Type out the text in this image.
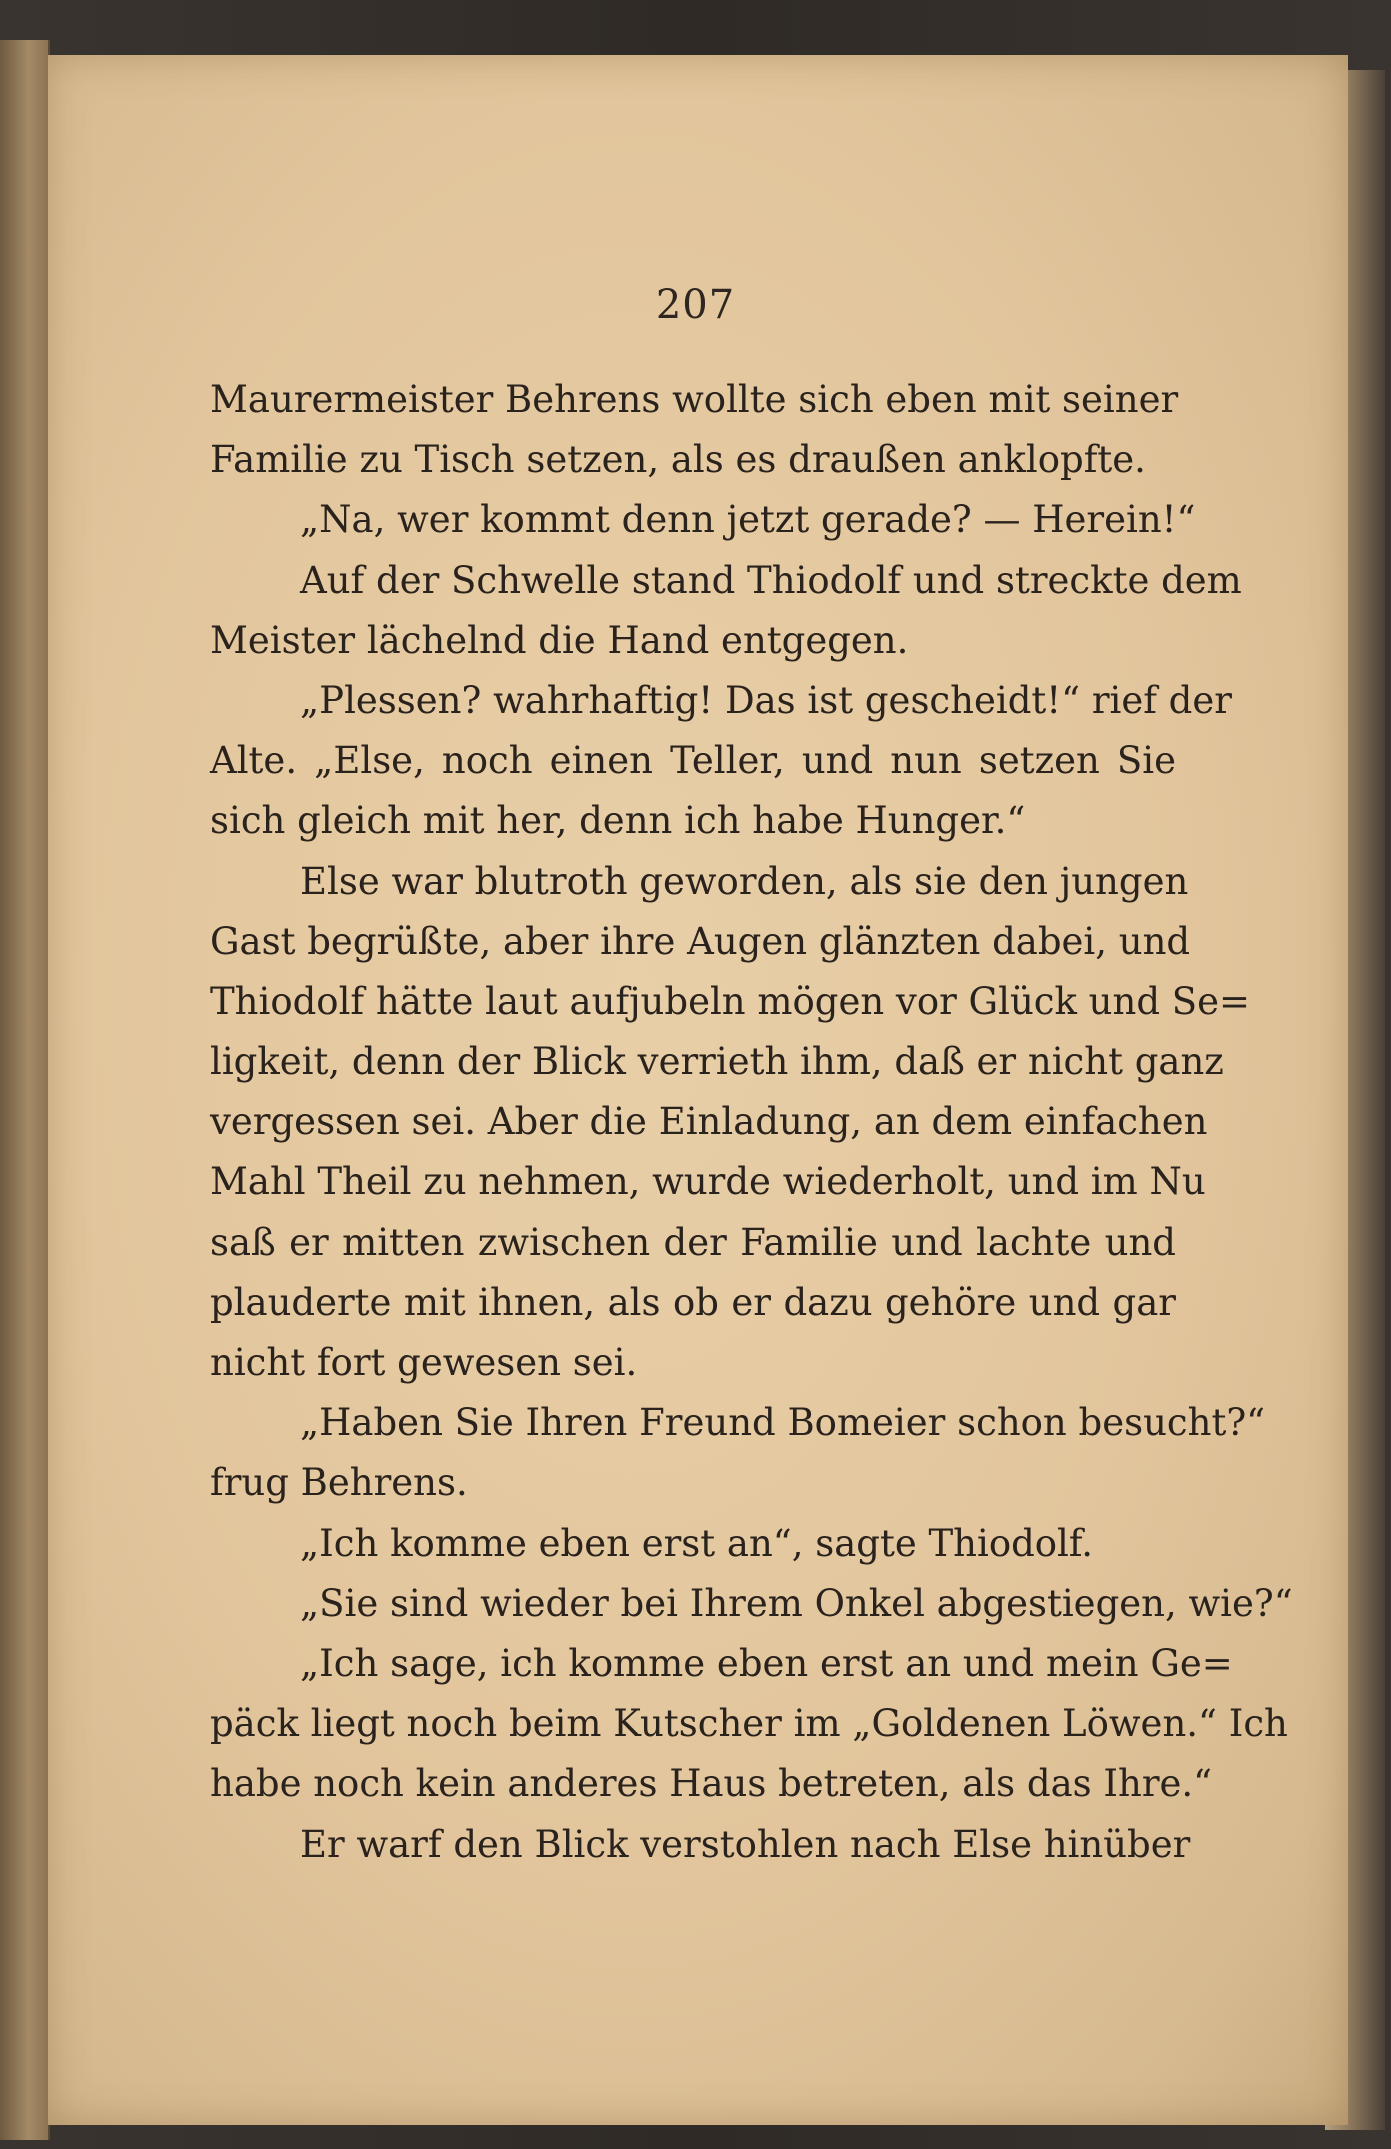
207
Maurermeister Behrens wollte sich eben mit seiner
Familie zu Tisch setzen, als es draußen anklopfte.
„Na, wer kommt denn jetzt gerade? — Herein!“
Auf der Schwelle stand Thiodolf und streckte dem
Meister lächelnd die Hand entgegen.
„Plessen? wahrhaftig! Das ist gescheidt!“ rief der
Alte. „Else, noch einen Teller, und nun setzen Sie
sich gleich mit her, denn ich habe Hunger.“
Else war blutroth geworden, als sie den jungen
Gast begrüßte, aber ihre Augen glänzten dabei, und
Thiodolf hätte laut aufjubeln mögen vor Glück und Se=
ligkeit, denn der Blick verrieth ihm, daß er nicht ganz
vergessen sei. Aber die Einladung, an dem einfachen
Mahl Theil zu nehmen, wurde wiederholt, und im Nu
saß er mitten zwischen der Familie und lachte und
plauderte mit ihnen, als ob er dazu gehöre und gar
nicht fort gewesen sei.
„Haben Sie Ihren Freund Bomeier schon besucht?“
frug Behrens.
„Ich komme eben erst an“, sagte Thiodolf.
„Sie sind wieder bei Ihrem Onkel abgestiegen, wie?“
„Ich sage, ich komme eben erst an und mein Ge=
päck liegt noch beim Kutscher im „Goldenen Löwen.“ Ich
habe noch kein anderes Haus betreten, als das Ihre.“
Er warf den Blick verstohlen nach Else hinüber
